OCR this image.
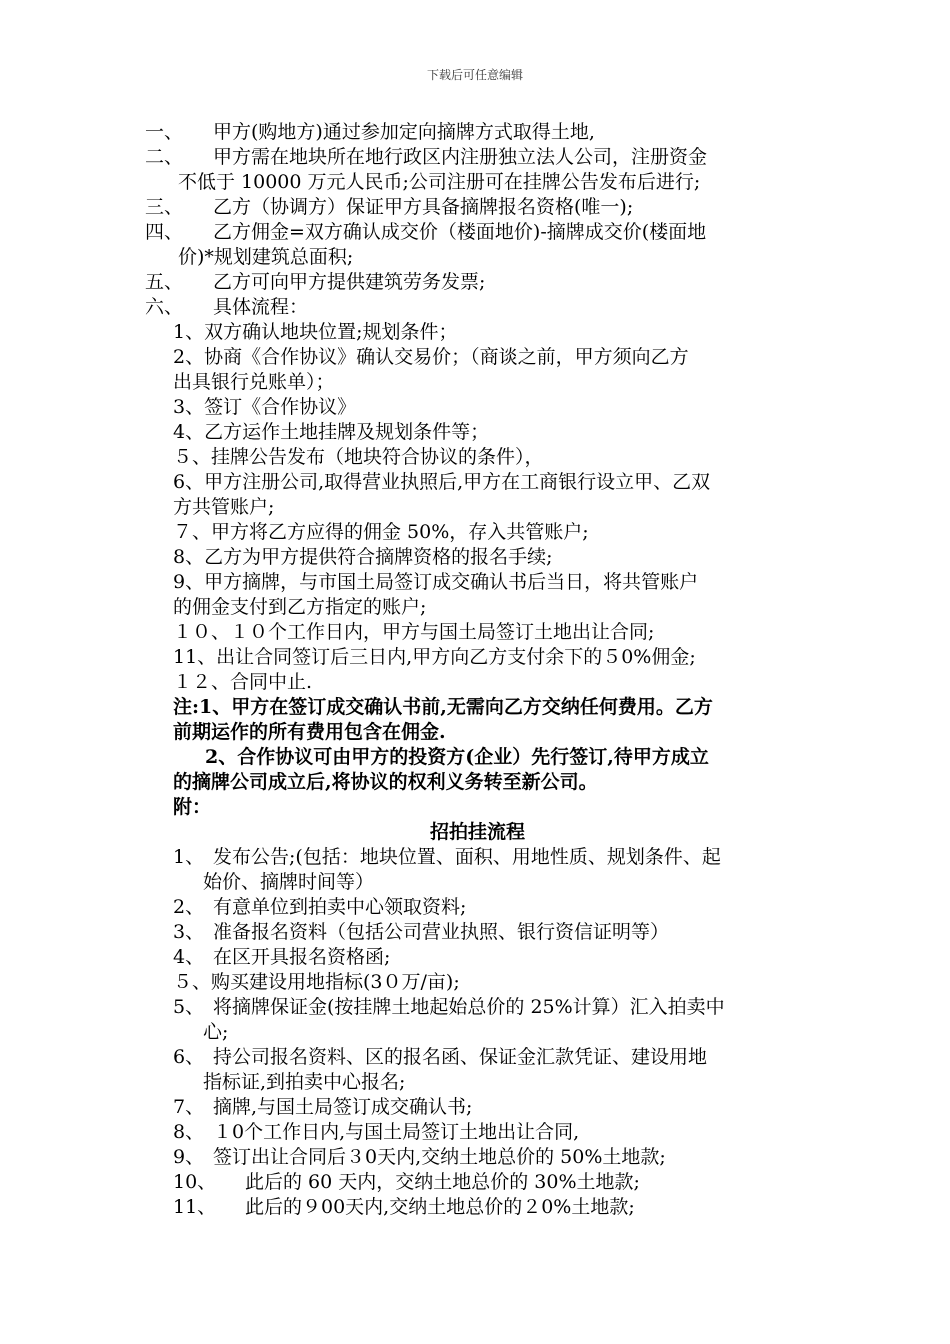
下载后可任意编辑
一、 甲方(购地方)通过参加定向摘牌方式取得土地,
二、 甲方需在地块所在地行政区内注册独立法人公司，注册资金
不低于 10000 万元人民币;公司注册可在挂牌公告发布后进行;
三、 乙方（协调方）保证甲方具备摘牌报名资格(唯一);
四、 乙方佣金=双方确认成交价（楼面地价)-摘牌成交价(楼面地
价)*规划建筑总面积;
五、 乙方可向甲方提供建筑劳务发票;
六、 具体流程：
1、双方确认地块位置;规划条件；
2、协商《合作协议》确认交易价；（商谈之前，甲方须向乙方
出具银行兑账单）；
3、签订《合作协议》
4、乙方运作土地挂牌及规划条件等；
５、挂牌公告发布（地块符合协议的条件），
6、甲方注册公司,取得营业执照后,甲方在工商银行设立甲、乙双
方共管账户;
７、甲方将乙方应得的佣金 50%，存入共管账户;
8、乙方为甲方提供符合摘牌资格的报名手续;
9、甲方摘牌，与市国土局签订成交确认书后当日，将共管账户
的佣金支付到乙方指定的账户;
１０、１０个工作日内，甲方与国土局签订土地出让合同;
11、出让合同签订后三日内,甲方向乙方支付余下的５0%佣金;
１２、合同中止.
注:1、甲方在签订成交确认书前,无需向乙方交纳任何费用。乙方
前期运作的所有费用包含在佣金.
2、合作协议可由甲方的投资方(企业）先行签订,待甲方成立
的摘牌公司成立后,将协议的权利义务转至新公司。
附：
招拍挂流程
1、 发布公告;(包括：地块位置、面积、用地性质、规划条件、起
始价、摘牌时间等）
2、 有意单位到拍卖中心领取资料;
3、 准备报名资料（包括公司营业执照、银行资信证明等）
4、 在区开具报名资格函;
５、购买建设用地指标(3０万/亩);
5、 将摘牌保证金(按挂牌土地起始总价的 25%计算）汇入拍卖中
心;
6、 持公司报名资料、区的报名函、保证金汇款凭证、建设用地
指标证,到拍卖中心报名;
7、 摘牌,与国土局签订成交确认书;
8、 １0个工作日内,与国土局签订土地出让合同,
9、 签订出让合同后３0天内,交纳土地总价的 50%土地款;
10、 此后的 60 天内，交纳土地总价的 30%土地款;
11、 此后的９00天内,交纳土地总价的２0%土地款;
